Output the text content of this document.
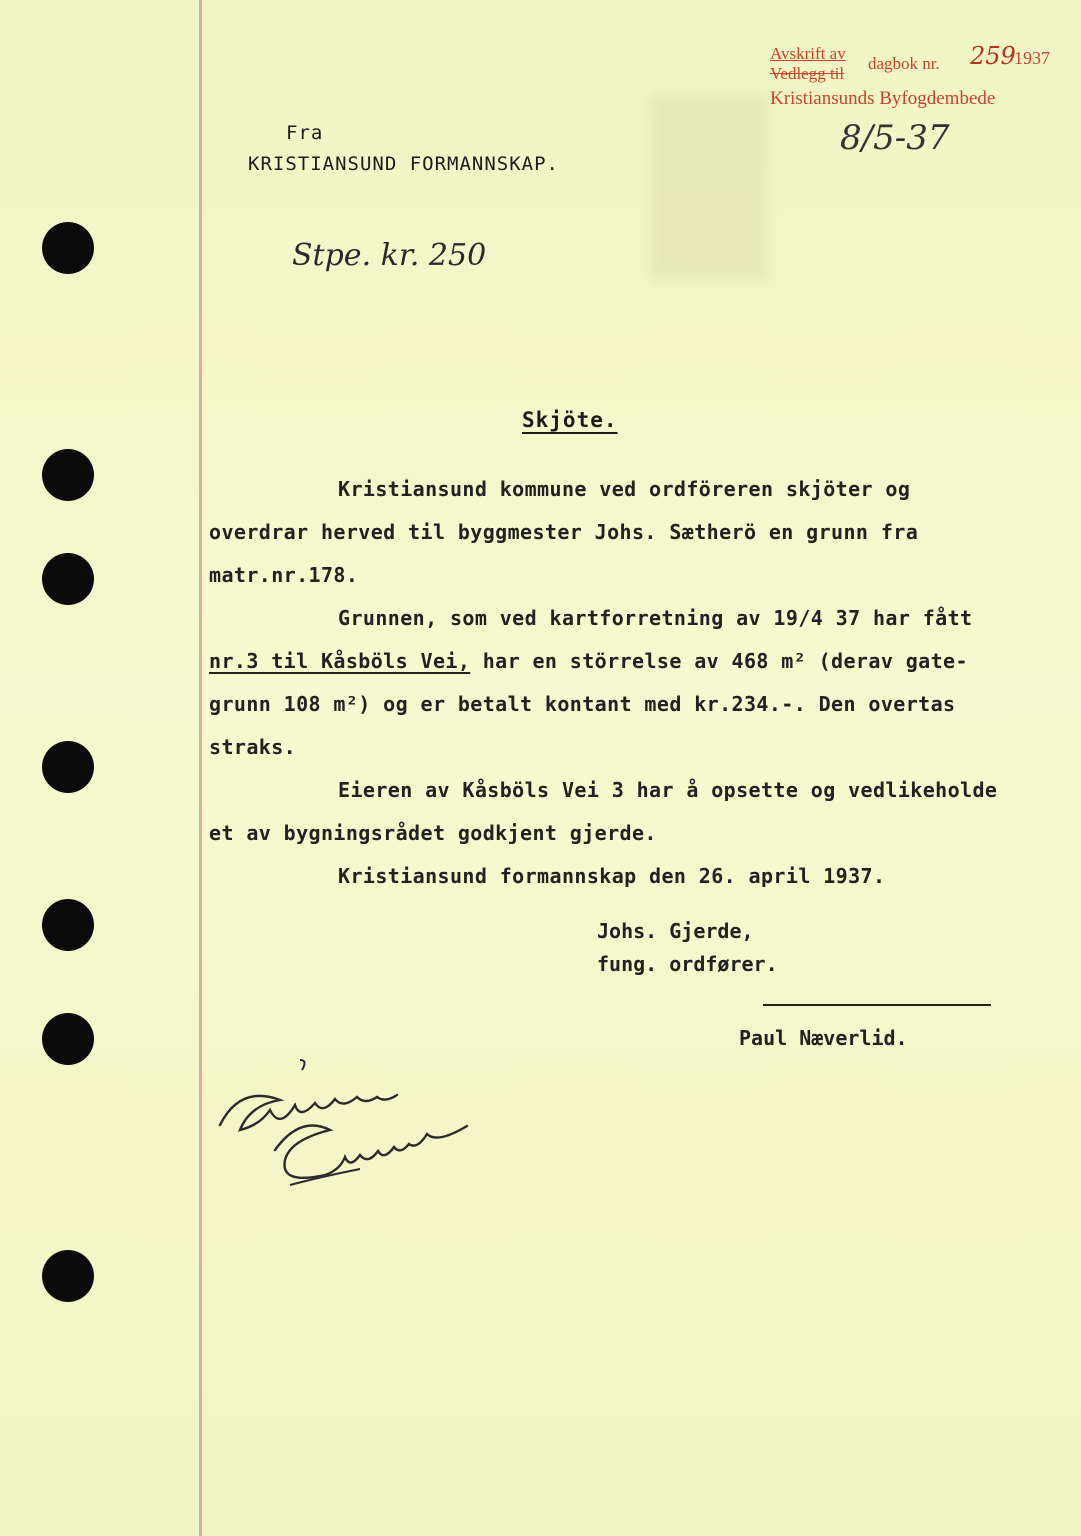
Avskrift av
dagbok nr. 259
1937
Vedlegg til
Kristiansunds Byfogdembede
8/5-37
Fra
KRISTIANSUND FORMANNSKAP.
Stpe. kr. 250
Skjöte.

Kristiansund kommune ved ordföreren skjöter og

overdrar herved til byggmester Johs. Sætherö en grunn fra

matr.nr.178.

Grunnen, som ved kartforretning av 19/4 37 har fått

nr.3 til Kåsböls Vei, har en störrelse av 468 m² (derav gate-

grunn 108 m²) og er betalt kontant med kr.234.-. Den overtas

straks.

Eieren av Kåsböls Vei 3 har å opsette og vedlikeholde

et av bygningsrådet godkjent gjerde.

Kristiansund formannskap den 26. april 1937.

Johs. Gjerde,
fung. ordfører.
Paul Næverlid.
